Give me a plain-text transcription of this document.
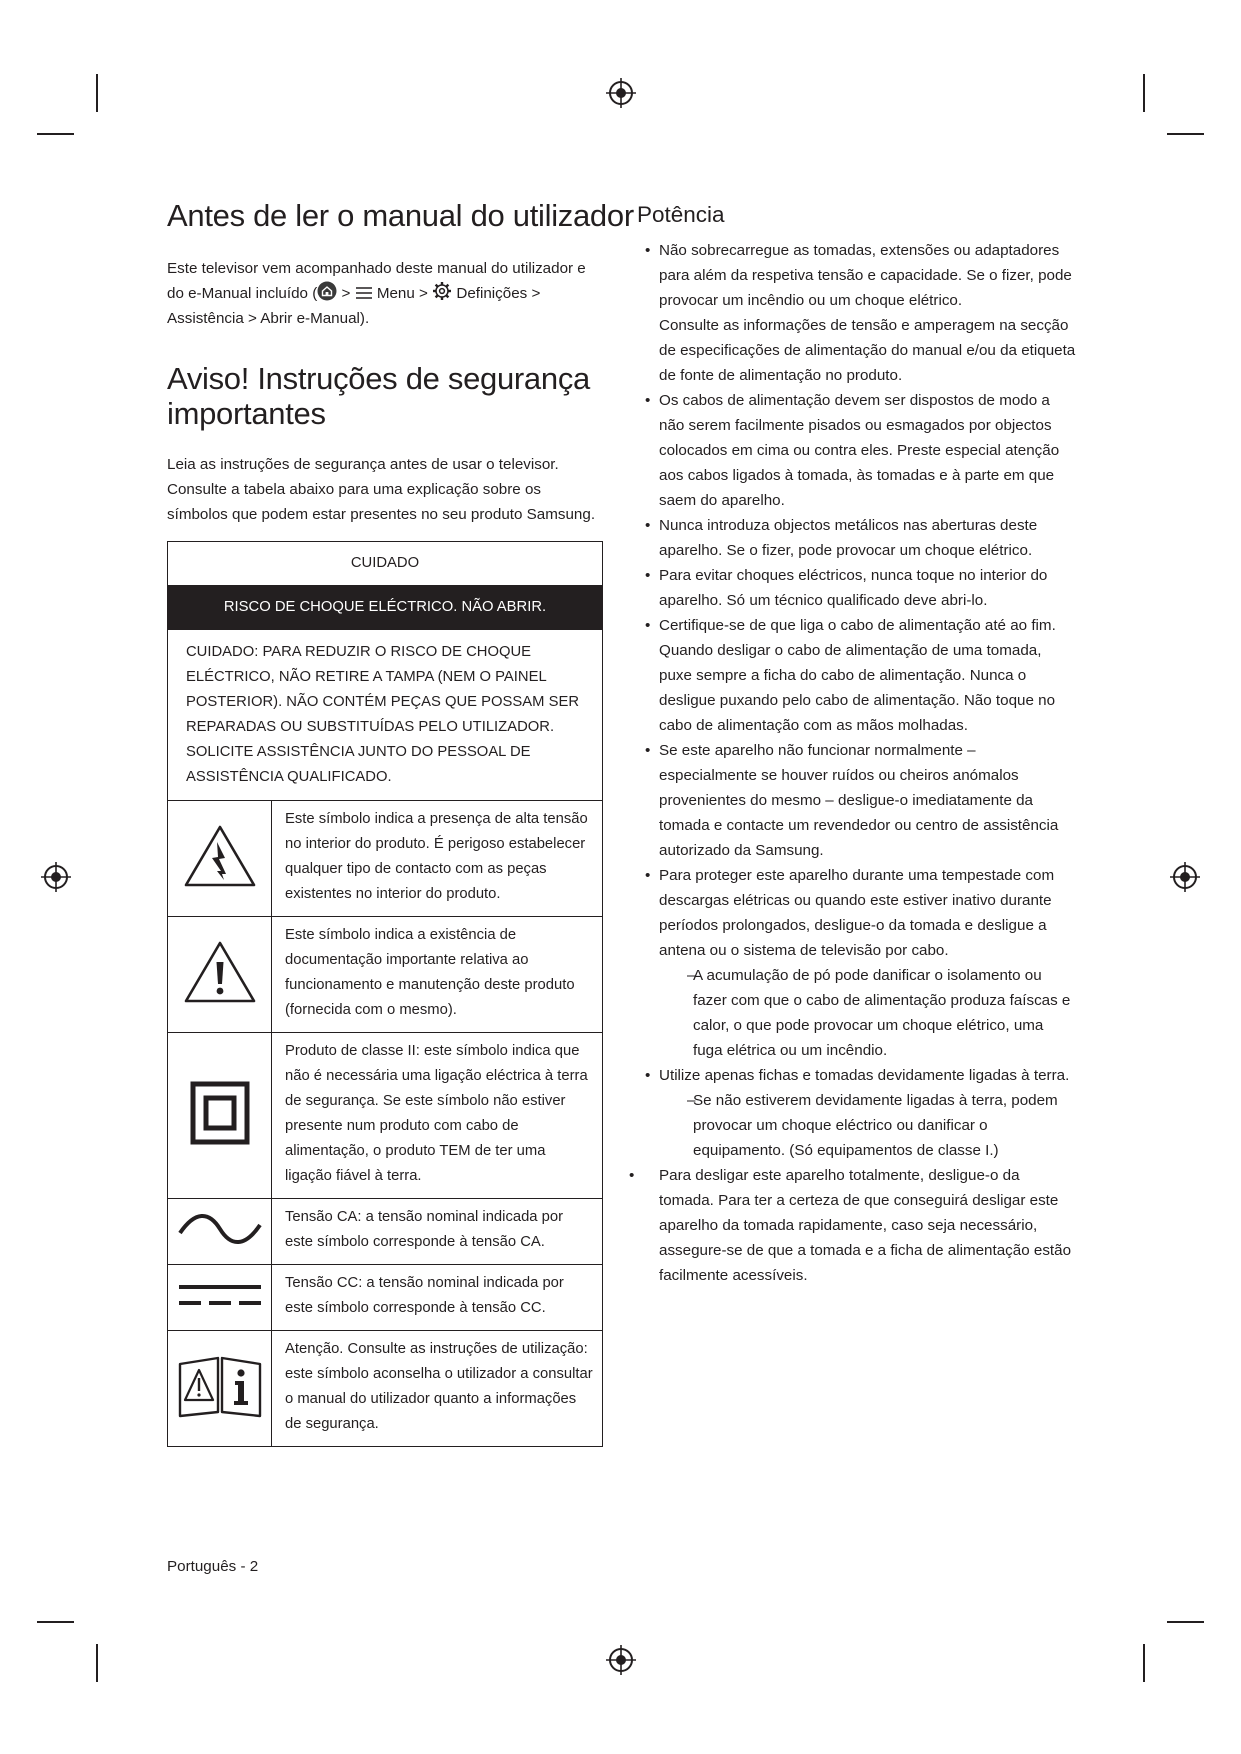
Antes de ler o manual do utilizador

Este televisor vem acompanhado deste manual do utilizador e do e-Manual incluído ( >  Menu >  Definições > Assistência > Abrir e-Manual).

Aviso! Instruções de segurança importantes

Leia as instruções de segurança antes de usar o televisor. Consulte a tabela abaixo para uma explicação sobre os símbolos que podem estar presentes no seu produto Samsung.

CUIDADO	
RISCO DE CHOQUE ELÉCTRICO. NÃO ABRIR.	
CUIDADO: PARA REDUZIR O RISCO DE CHOQUE ELÉCTRICO, NÃO RETIRE A TAMPA (NEM O PAINEL POSTERIOR). NÃO CONTÉM PEÇAS QUE POSSAM SER REPARADAS OU SUBSTITUÍDAS PELO UTILIZADOR. SOLICITE ASSISTÊNCIA JUNTO DO PESSOAL DE ASSISTÊNCIA QUALIFICADO.	
	Este símbolo indica a presença de alta tensão no interior do produto. É perigoso estabelecer qualquer tipo de contacto com as peças existentes no interior do produto.
	Este símbolo indica a existência de documentação importante relativa ao funcionamento e manutenção deste produto (fornecida com o mesmo).
	Produto de classe II: este símbolo indica que não é necessária uma ligação eléctrica à terra de segurança. Se este símbolo não estiver presente num produto com cabo de alimentação, o produto TEM de ter uma ligação fiável à terra.
	Tensão CA: a tensão nominal indicada por este símbolo corresponde à tensão CA.
	Tensão CC: a tensão nominal indicada por este símbolo corresponde à tensão CC.
	Atenção. Consulte as instruções de utilização: este símbolo aconselha o utilizador a consultar o manual do utilizador quanto a informações de segurança.
Potência
• Não sobrecarregue as tomadas, extensões ou adaptadores para além da respetiva tensão e capacidade. Se o fizer, pode provocar um incêndio ou um choque elétrico.
Consulte as informações de tensão e amperagem na secção de especificações de alimentação do manual e/ou da etiqueta de fonte de alimentação no produto.
• Os cabos de alimentação devem ser dispostos de modo a não serem facilmente pisados ou esmagados por objectos colocados em cima ou contra eles. Preste especial atenção aos cabos ligados à tomada, às tomadas e à parte em que saem do aparelho.
• Nunca introduza objectos metálicos nas aberturas deste aparelho. Se o fizer, pode provocar um choque elétrico.
• Para evitar choques eléctricos, nunca toque no interior do aparelho. Só um técnico qualificado deve abri-lo.
• Certifique-se de que liga o cabo de alimentação até ao fim. Quando desligar o cabo de alimentação de uma tomada, puxe sempre a ficha do cabo de alimentação. Nunca o desligue puxando pelo cabo de alimentação. Não toque no cabo de alimentação com as mãos molhadas.
• Se este aparelho não funcionar normalmente – especialmente se houver ruídos ou cheiros anómalos provenientes do mesmo – desligue-o imediatamente da tomada e contacte um revendedor ou centro de assistência autorizado da Samsung.
• Para proteger este aparelho durante uma tempestade com descargas elétricas ou quando este estiver inativo durante períodos prolongados, desligue-o da tomada e desligue a antena ou o sistema de televisão por cabo.
– A acumulação de pó pode danificar o isolamento ou fazer com que o cabo de alimentação produza faíscas e calor, o que pode provocar um choque elétrico, uma fuga elétrica ou um incêndio.
• Utilize apenas fichas e tomadas devidamente ligadas à terra.
– Se não estiverem devidamente ligadas à terra, podem provocar um choque eléctrico ou danificar o equipamento. (Só equipamentos de classe I.)
• Para desligar este aparelho totalmente, desligue-o da tomada. Para ter a certeza de que conseguirá desligar este aparelho da tomada rapidamente, caso seja necessário, assegure-se de que a tomada e a ficha de alimentação estão facilmente acessíveis.
Português - 2
